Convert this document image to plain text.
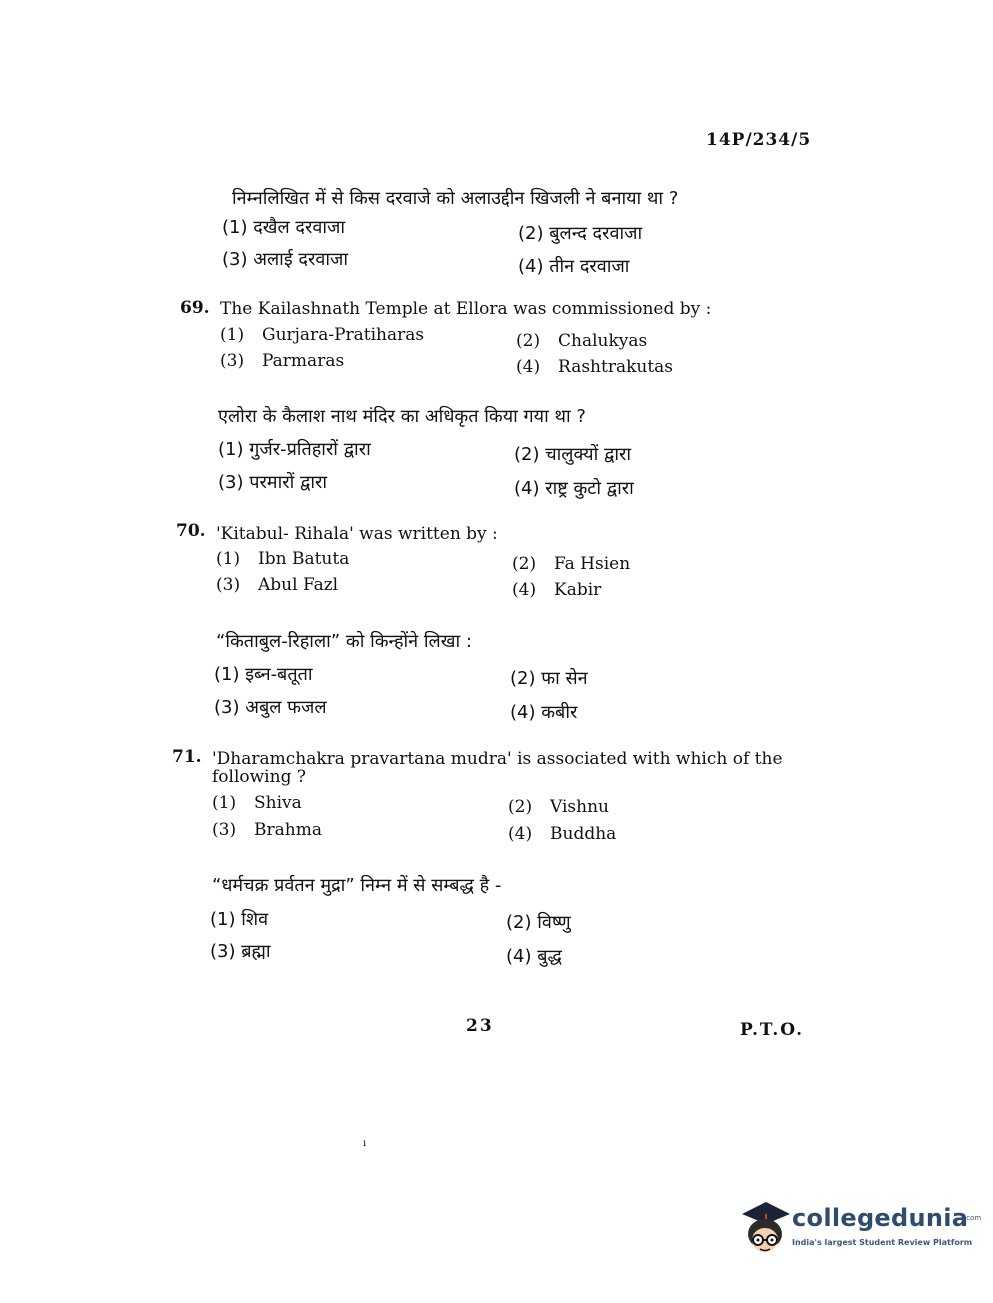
14P/234/5
निम्नलिखित में से किस दरवाजे को अलाउद्दीन खिजली ने बनाया था ?
(1) दखैल दरवाजा	(2) बुलन्द दरवाजा
(3) अलाई दरवाजा	(4) तीन दरवाजा
69. The Kailashnath Temple at Ellora was commissioned by :
(1) Gurjara-Pratiharas	(2) Chalukyas
(3) Parmaras	(4) Rashtrakutas
एलोरा के कैलाश नाथ मंदिर का अधिकृत किया गया था ?
(1) गुर्जर-प्रतिहारों द्वारा	(2) चालुक्यों द्वारा
(3) परमारों द्वारा	(4) राष्ट्र कुटो द्वारा
70. 'Kitabul- Rihala' was written by :
(1) Ibn Batuta	(2) Fa Hsien
(3) Abul Fazl	(4) Kabir
“किताबुल-रिहाला” को किन्होंने लिखा :
(1) इब्न-बतूता	(2) फा सेन
(3) अबुल फजल	(4) कबीर
71. 'Dharamchakra pravartana mudra' is associated with which of the
following ?
(1) Shiva	(2) Vishnu
(3) Brahma	(4) Buddha
“धर्मचक्र प्रर्वतन मुद्रा” निम्न में से सम्बद्ध है -
(1) शिव	(2) विष्णु
(3) ब्रह्मा	(4) बुद्ध
23	P.T.O.
ı
collegedunia
.com
India's largest Student Review Platform
